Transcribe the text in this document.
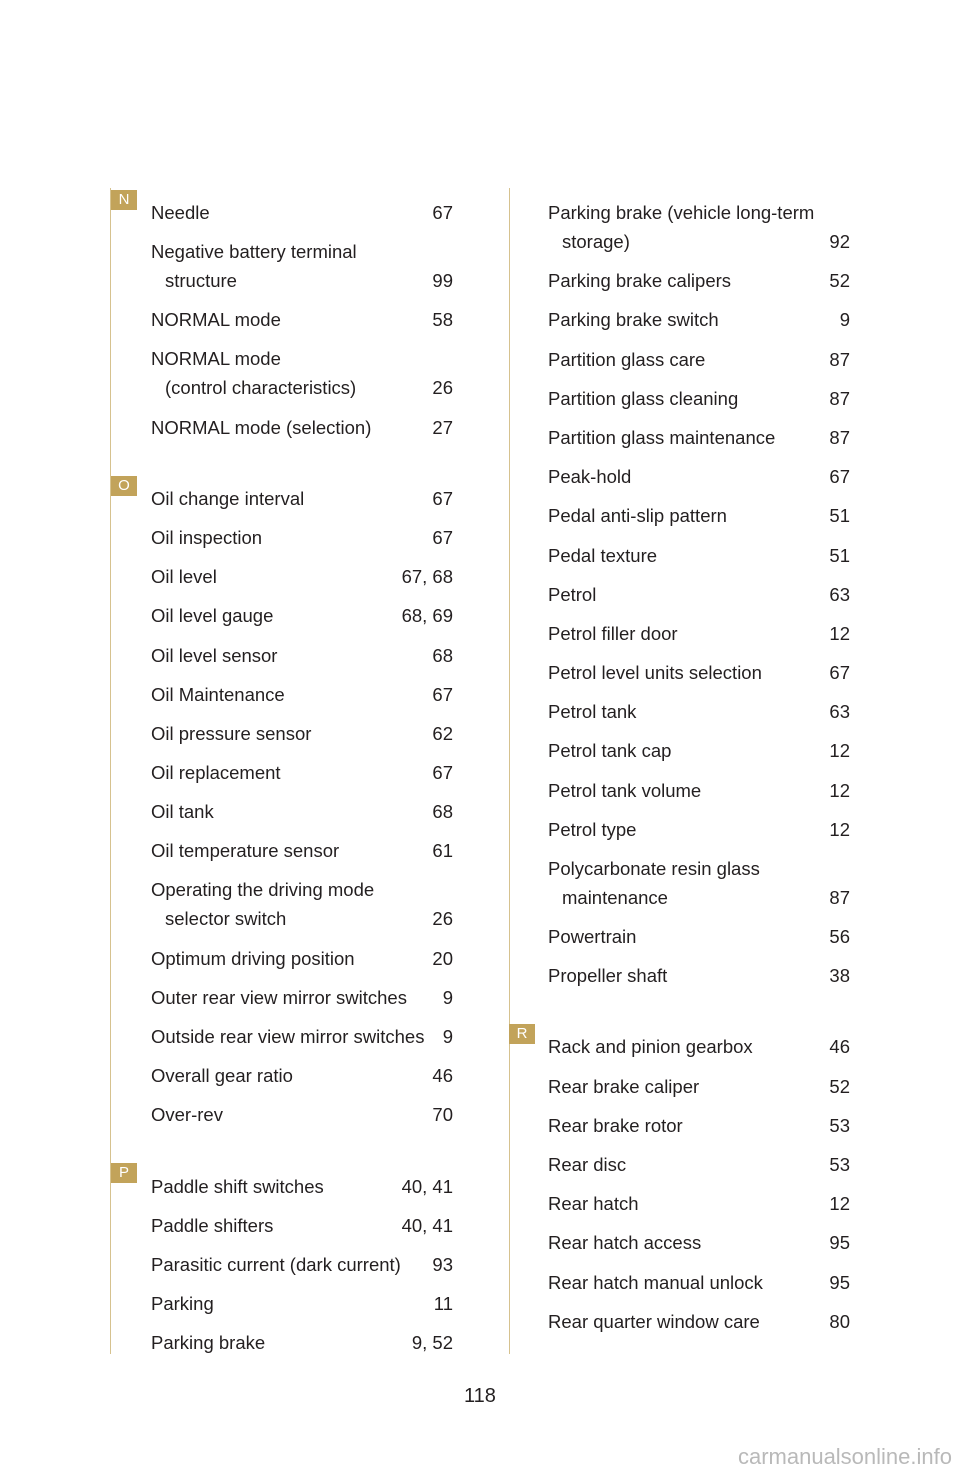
N
Needle	67
Negative battery terminal
structure	99
NORMAL mode	58
NORMAL mode
(control characteristics)	26
NORMAL mode (selection)	27
O
Oil change interval	67
Oil inspection	67
Oil level	67, 68
Oil level gauge	68, 69
Oil level sensor	68
Oil Maintenance	67
Oil pressure sensor	62
Oil replacement	67
Oil tank	68
Oil temperature sensor	61
Operating the driving mode
selector switch	26
Optimum driving position	20
Outer rear view mirror switches	9
Outside rear view mirror switches 9
Overall gear ratio	46
Over-rev	70
P
Paddle shift switches	40, 41
Paddle shifters	40, 41
Parasitic current (dark current)	93
Parking	11
Parking brake	9, 52
Parking brake (vehicle long-term
storage)	92
Parking brake calipers	52
Parking brake switch	9
Partition glass care	87
Partition glass cleaning	87
Partition glass maintenance	87
Peak-hold	67
Pedal anti-slip pattern	51
Pedal texture	51
Petrol	63
Petrol filler door	12
Petrol level units selection	67
Petrol tank	63
Petrol tank cap	12
Petrol tank volume	12
Petrol type	12
Polycarbonate resin glass
maintenance	87
Powertrain	56
Propeller shaft	38
R
Rack and pinion gearbox	46
Rear brake caliper	52
Rear brake rotor	53
Rear disc	53
Rear hatch	12
Rear hatch access	95
Rear hatch manual unlock	95
Rear quarter window care	80
118
carmanualsonline.info
